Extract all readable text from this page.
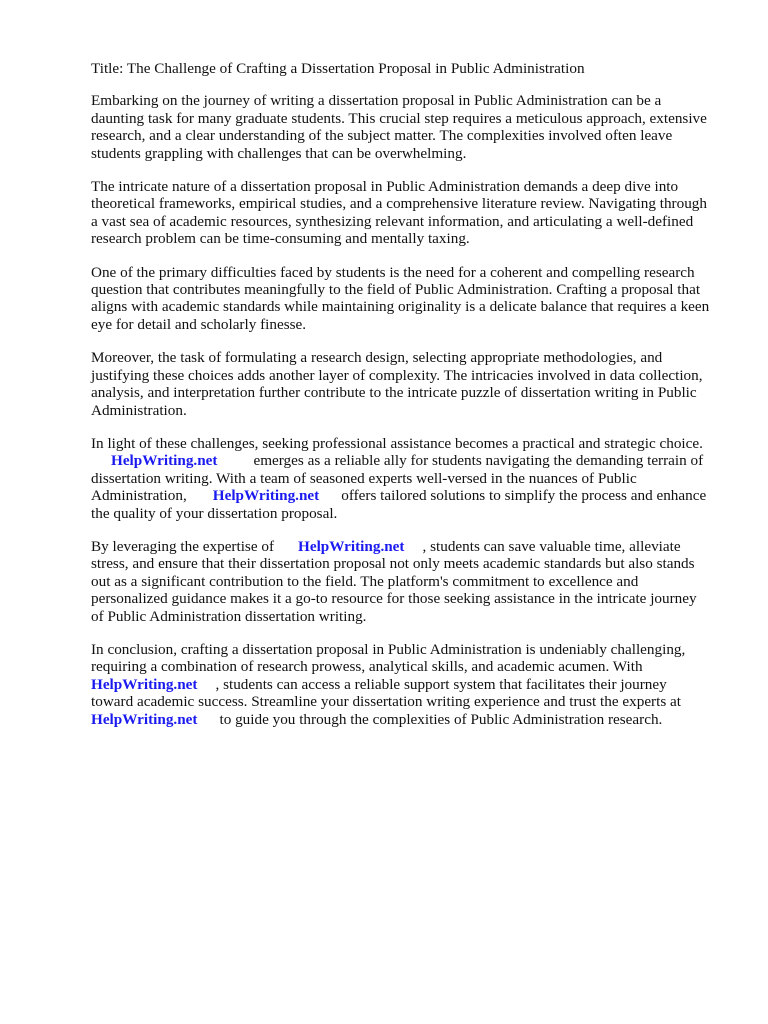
Title: The Challenge of Crafting a Dissertation Proposal in Public Administration

Embarking on the journey of writing a dissertation proposal in Public Administration can be a
daunting task for many graduate students. This crucial step requires a meticulous approach, extensive
research, and a clear understanding of the subject matter. The complexities involved often leave
students grappling with challenges that can be overwhelming.

The intricate nature of a dissertation proposal in Public Administration demands a deep dive into
theoretical frameworks, empirical studies, and a comprehensive literature review. Navigating through
a vast sea of academic resources, synthesizing relevant information, and articulating a well-defined
research problem can be time-consuming and mentally taxing.

One of the primary difficulties faced by students is the need for a coherent and compelling research
question that contributes meaningfully to the field of Public Administration. Crafting a proposal that
aligns with academic standards while maintaining originality is a delicate balance that requires a keen
eye for detail and scholarly finesse.

Moreover, the task of formulating a research design, selecting appropriate methodologies, and
justifying these choices adds another layer of complexity. The intricacies involved in data collection,
analysis, and interpretation further contribute to the intricate puzzle of dissertation writing in Public
Administration.

In light of these challenges, seeking professional assistance becomes a practical and strategic choice.
HelpWriting.net emerges as a reliable ally for students navigating the demanding terrain of
dissertation writing. With a team of seasoned experts well-versed in the nuances of Public
Administration, HelpWriting.net offers tailored solutions to simplify the process and enhance
the quality of your dissertation proposal.

By leveraging the expertise of HelpWriting.net , students can save valuable time, alleviate
stress, and ensure that their dissertation proposal not only meets academic standards but also stands
out as a significant contribution to the field. The platform's commitment to excellence and
personalized guidance makes it a go-to resource for those seeking assistance in the intricate journey
of Public Administration dissertation writing.

In conclusion, crafting a dissertation proposal in Public Administration is undeniably challenging,
requiring a combination of research prowess, analytical skills, and academic acumen. With
HelpWriting.net , students can access a reliable support system that facilitates their journey
toward academic success. Streamline your dissertation writing experience and trust the experts at
HelpWriting.net to guide you through the complexities of Public Administration research.
